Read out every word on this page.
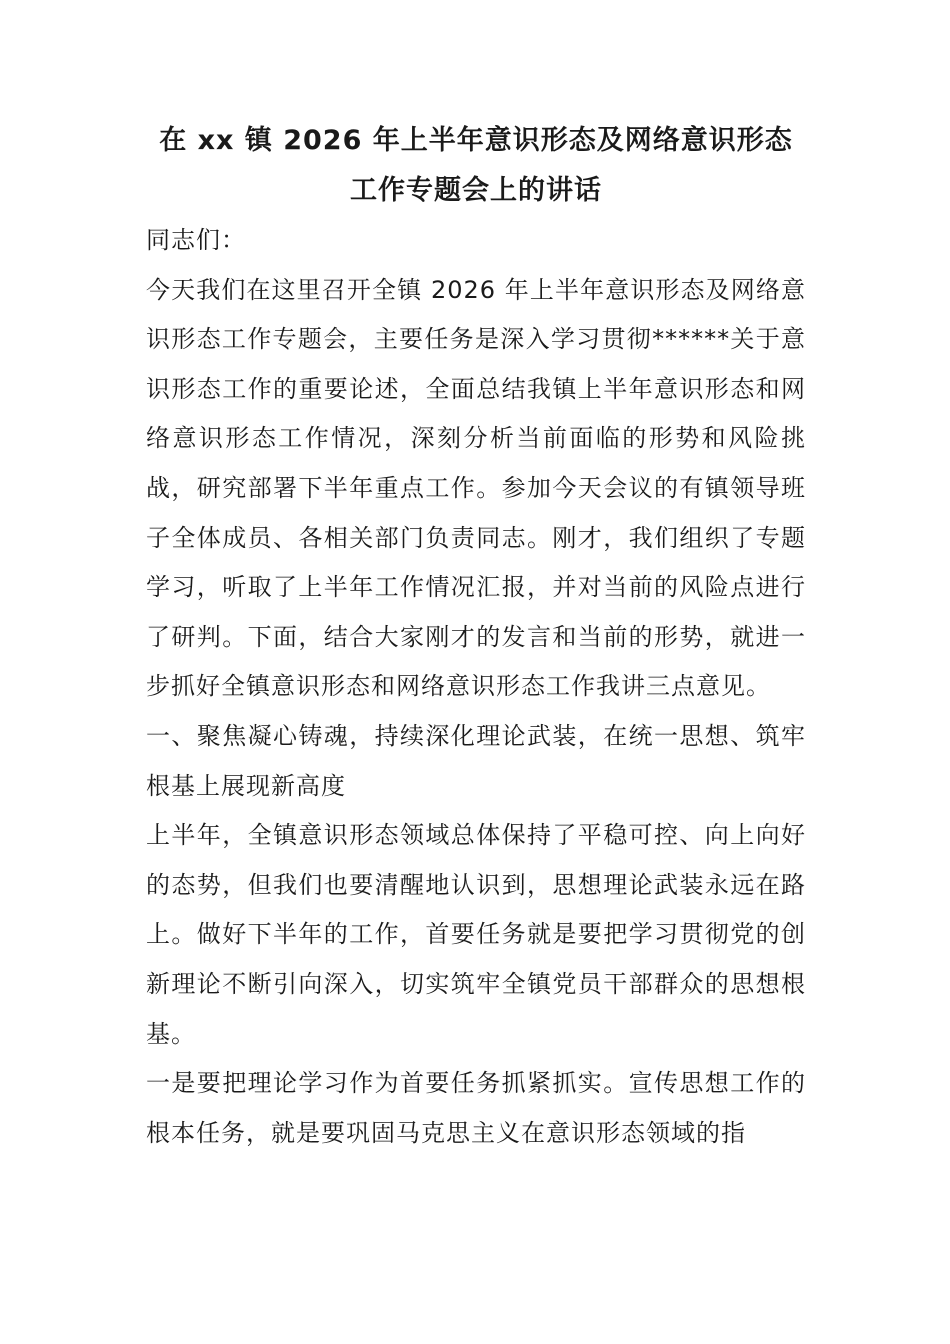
在 xx 镇 2026 年上半年意识形态及网络意识形态工作专题会上的讲话

同志们：

今天我们在这里召开全镇 2026 年上半年意识形态及网络意识形态工作专题会，主要任务是深入学习贯彻******关于意识形态工作的重要论述，全面总结我镇上半年意识形态和网络意识形态工作情况，深刻分析当前面临的形势和风险挑战，研究部署下半年重点工作。参加今天会议的有镇领导班子全体成员、各相关部门负责同志。刚才，我们组织了专题学习，听取了上半年工作情况汇报，并对当前的风险点进行了研判。下面，结合大家刚才的发言和当前的形势，就进一步抓好全镇意识形态和网络意识形态工作我讲三点意见。

一、聚焦凝心铸魂，持续深化理论武装，在统一思想、筑牢根基上展现新高度

上半年，全镇意识形态领域总体保持了平稳可控、向上向好的态势，但我们也要清醒地认识到，思想理论武装永远在路上。做好下半年的工作，首要任务就是要把学习贯彻党的创新理论不断引向深入，切实筑牢全镇党员干部群众的思想根基。

一是要把理论学习作为首要任务抓紧抓实。宣传思想工作的根本任务，就是要巩固马克思主义在意识形态领域的指
